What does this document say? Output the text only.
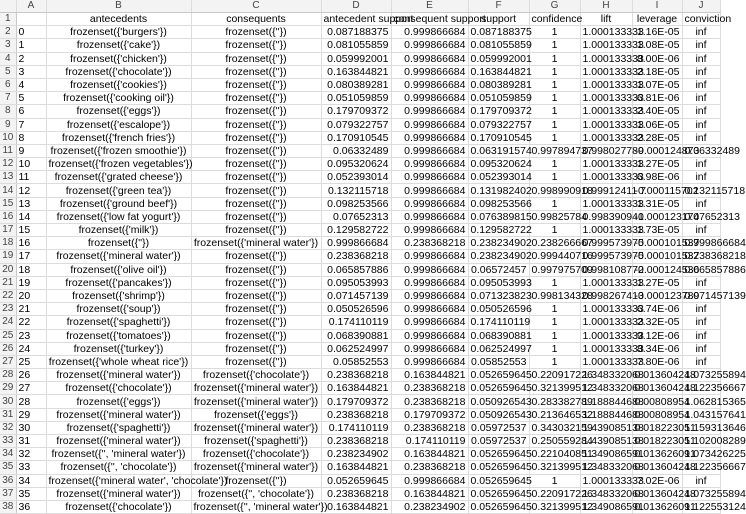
	A	B	C	D	E	F	G	H	I	J
1		antecedents	consequents	antecedent support	consequent support	support	confidence	lift	leverage	conviction
2	0	frozenset({'burgers'})	frozenset({''})	0.087188375	0.999866684	0.087188375	1	1.000133333	1.16E-05	inf
3	1	frozenset({'cake'})	frozenset({''})	0.081055859	0.999866684	0.081055859	1	1.000133333	1.08E-05	inf
4	2	frozenset({'chicken'})	frozenset({''})	0.059992001	0.999866684	0.059992001	1	1.000133333	8.00E-06	inf
5	3	frozenset({'chocolate'})	frozenset({''})	0.163844821	0.999866684	0.163844821	1	1.000133333	2.18E-05	inf
6	4	frozenset({'cookies'})	frozenset({''})	0.080389281	0.999866684	0.080389281	1	1.000133333	1.07E-05	inf
7	5	frozenset({'cooking oil'})	frozenset({''})	0.051059859	0.999866684	0.051059859	1	1.000133333	6.81E-06	inf
8	6	frozenset({'eggs'})	frozenset({''})	0.179709372	0.999866684	0.179709372	1	1.000133333	2.40E-05	inf
9	7	frozenset({'escalope'})	frozenset({''})	0.079322757	0.999866684	0.079322757	1	1.000133333	1.06E-05	inf
10	8	frozenset({'french fries'})	frozenset({''})	0.170910545	0.999866684	0.170910545	1	1.000133333	2.28E-05	inf
11	9	frozenset({'frozen smoothie'})	frozenset({''})	0.06332489	0.999866684	0.063191574	0.997894737	0.998027789	-0.000124873	0.06332489
12	10	frozenset({'frozen vegetables'})	frozenset({''})	0.095320624	0.999866684	0.095320624	1	1.000133333	1.27E-05	inf
13	11	frozenset({'grated cheese'})	frozenset({''})	0.052393014	0.999866684	0.052393014	1	1.000133333	6.98E-06	inf
14	12	frozenset({'green tea'})	frozenset({''})	0.132115718	0.999866684	0.131982402	0.998990918	0.99912411 7	-0.000115702	0.132115718
15	13	frozenset({'ground beef'})	frozenset({''})	0.098253566	0.999866684	0.098253566	1	1.000133333	1.31E-05	inf
16	14	frozenset({'low fat yogurt'})	frozenset({''})	0.07652313	0.999866684	0.076389815	0.99825784	0.998390941	-0.000123174	0.07652313
17	15	frozenset({'milk'})	frozenset({''})	0.129582722	0.999866684	0.129582722	1	1.000133333	1.73E-05	inf
18	16	frozenset({''})	frozenset({'mineral water'})	0.999866684	0.238368218	0.238234902	0.238266667	0.999573975	-0.000101537	0.999866684
19	17	frozenset({'mineral water'})	frozenset({''})	0.238368218	0.999866684	0.238234902	0.999440716	0.999573975	-0.000101537	0.238368218
20	18	frozenset({'olive oil'})	frozenset({''})	0.065857886	0.999866684	0.06572457	0.997975709	0.998108772	-0.000124536	0.065857886
21	19	frozenset({'pancakes'})	frozenset({''})	0.095053993	0.999866684	0.095053993	1	1.000133333	1.27E-05	inf
22	20	frozenset({'shrimp'})	frozenset({''})	0.071457139	0.999866684	0.071323823	0.998134328	0.998267413	-0.000123789	0.071457139
23	21	frozenset({'soup'})	frozenset({''})	0.050526596	0.999866684	0.050526596	1	1.000133333	6.74E-06	inf
24	22	frozenset({'spaghetti'})	frozenset({''})	0.174110119	0.999866684	0.174110119	1	1.000133333	2.32E-05	inf
25	23	frozenset({'tomatoes'})	frozenset({''})	0.068390881	0.999866684	0.068390881	1	1.000133333	9.12E-06	inf
26	24	frozenset({'turkey'})	frozenset({''})	0.062524997	0.999866684	0.062524997	1	1.000133333	8.34E-06	inf
27	25	frozenset({'whole wheat rice'})	frozenset({''})	0.05852553	0.999866684	0.05852553	1	1.000133333	7.80E-06	inf
28	26	frozenset({'mineral water'})	frozenset({'chocolate'})	0.238368218	0.163844821	0.052659645	0.220917226	1.348332068	0.013604248	1.073255894
29	27	frozenset({'chocolate'})	frozenset({'mineral water'})	0.163844821	0.238368218	0.052659645	0.321399512	1.348332068	0.013604248	1.122356667
30	28	frozenset({'eggs'})	frozenset({'mineral water'})	0.179709372	0.238368218	0.050926543	0.283382789	1.188844688	0.00808954	1.062815365
31	29	frozenset({'mineral water'})	frozenset({'eggs'})	0.238368218	0.179709372	0.050926543	0.213646532	1.188844688	0.00808954	1.043157641
32	30	frozenset({'spaghetti'})	frozenset({'mineral water'})	0.174110119	0.238368218	0.05972537	0.343032159	1.439085138	0.018223051	1.159313646
33	31	frozenset({'mineral water'})	frozenset({'spaghetti'})	0.238368218	0.174110119	0.05972537	0.250559284	1.439085138	0.018223051	1.102008289
34	32	frozenset({'', 'mineral water'})	frozenset({'chocolate'})	0.238234902	0.163844821	0.052659645	0.221040851	1.349086591	0.013626091	1.073426225
35	33	frozenset({'', 'chocolate'})	frozenset({'mineral water'})	0.163844821	0.238368218	0.052659645	0.321399512	1.348332068	0.013604248	1.122356667
36	34	frozenset({'mineral water', 'chocolate'})	frozenset({''})	0.052659645	0.999866684	0.052659645	1	1.000133333	7.02E-06	inf
37	35	frozenset({'mineral water'})	frozenset({'', 'chocolate'})	0.238368218	0.163844821	0.052659645	0.220917226	1.348332068	0.013604248	1.073255894
38	36	frozenset({'chocolate'})	frozenset({'', 'mineral water'})	0.163844821	0.238234902	0.052659645	0.321399512	1.349086591	0.013626091	1.122553124
